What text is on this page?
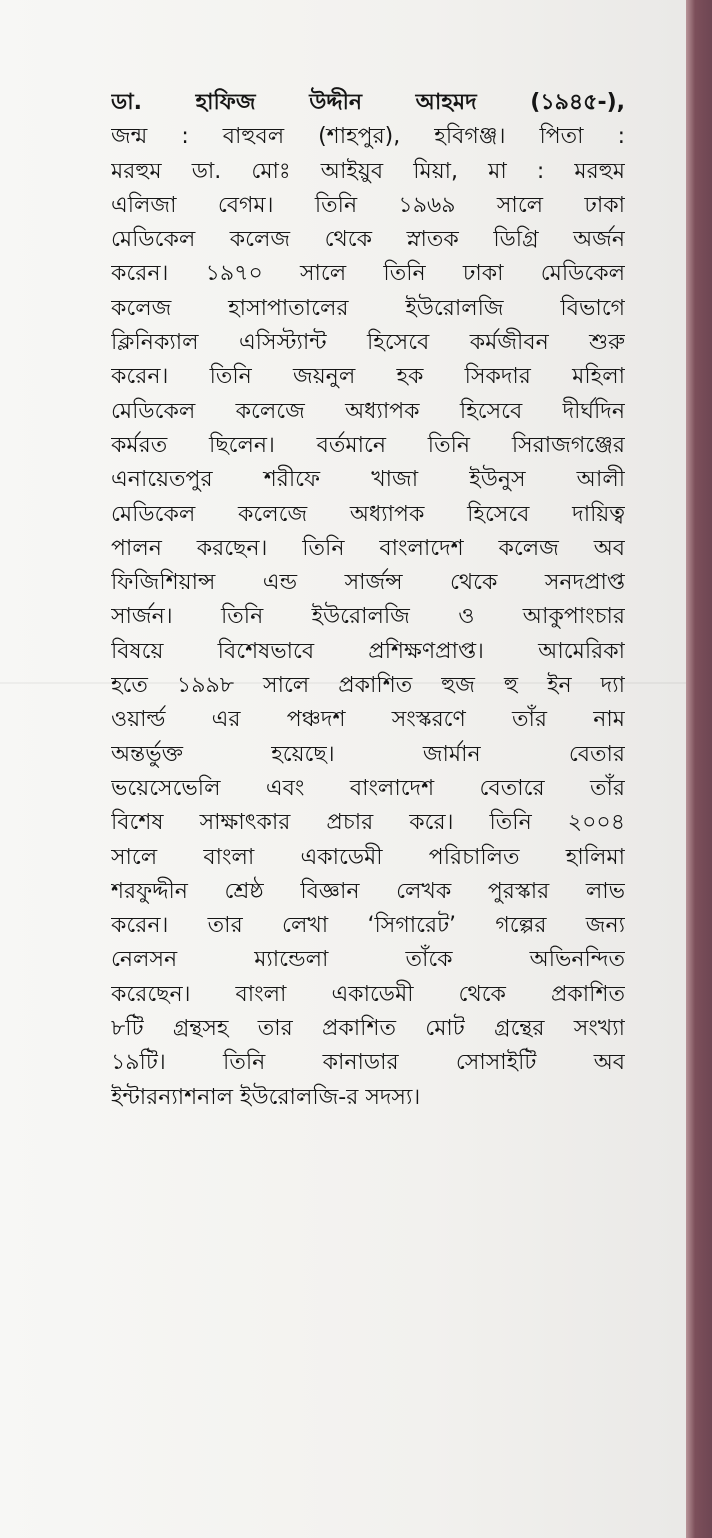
ডা. হাফিজ উদ্দীন আহমদ (১৯৪৫-),
জন্ম : বাহুবল (শাহপুর), হবিগঞ্জ। পিতা :
মরহুম ডা. মোঃ আইয়ুব মিয়া, মা : মরহুম
এলিজা বেগম। তিনি ১৯৬৯ সালে ঢাকা
মেডিকেল কলেজ থেকে স্নাতক ডিগ্রি অর্জন
করেন। ১৯৭০ সালে তিনি ঢাকা মেডিকেল
কলেজ হাসাপাতালের ইউরোলজি বিভাগে
ক্লিনিক্যাল এসিস্ট্যান্ট হিসেবে কর্মজীবন শুরু
করেন। তিনি জয়নুল হক সিকদার মহিলা
মেডিকেল কলেজে অধ্যাপক হিসেবে দীর্ঘদিন
কর্মরত ছিলেন। বর্তমানে তিনি সিরাজগঞ্জের
এনায়েতপুর শরীফে খাজা ইউনুস আলী
মেডিকেল কলেজে অধ্যাপক হিসেবে দায়িত্ব
পালন করছেন। তিনি বাংলাদেশ কলেজ অব
ফিজিশিয়ান্স এন্ড সার্জন্স থেকে সনদপ্রাপ্ত
সার্জন। তিনি ইউরোলজি ও আকুপাংচার
বিষয়ে বিশেষভাবে প্রশিক্ষণপ্রাপ্ত। আমেরিকা
হতে ১৯৯৮ সালে প্রকাশিত হুজ হু ইন দ্যা
ওয়ার্ল্ড এর পঞ্চদশ সংস্করণে তাঁর নাম
অন্তর্ভুক্ত হয়েছে। জার্মান বেতার
ভয়েসেভেলি এবং বাংলাদেশ বেতারে তাঁর
বিশেষ সাক্ষাৎকার প্রচার করে। তিনি ২০০৪
সালে বাংলা একাডেমী পরিচালিত হালিমা
শরফুদ্দীন শ্রেষ্ঠ বিজ্ঞান লেখক পুরস্কার লাভ
করেন। তার লেখা ‘সিগারেট’ গল্পের জন্য
নেলসন ম্যান্ডেলা তাঁকে অভিনন্দিত
করেছেন। বাংলা একাডেমী থেকে প্রকাশিত
৮টি গ্রন্থসহ তার প্রকাশিত মোট গ্রন্থের সংখ্যা
১৯টি। তিনি কানাডার সোসাইটি অব
ইন্টারন্যাশনাল ইউরোলজি-র সদস্য।
